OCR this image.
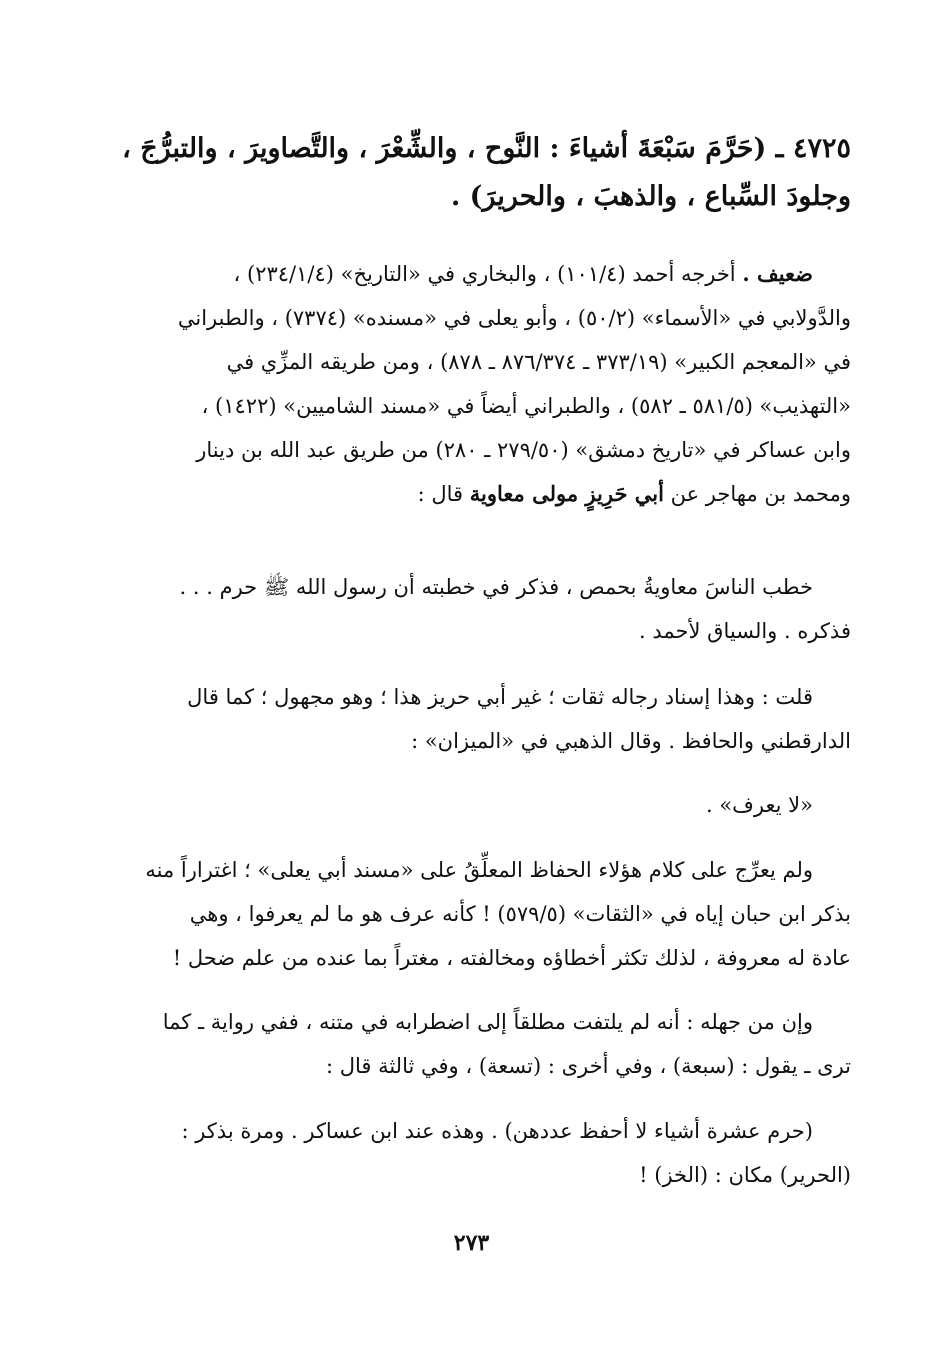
٤٧٢٥ ـ (حَرَّمَ سَبْعَةَ أشياءَ : النَّوح ، والشِّعْرَ ، والتَّصاويرَ ، والتبرُّجَ ،
وجلودَ السِّباع ، والذهبَ ، والحريرَ) .
ضعيف . أخرجه أحمد (١٠١/٤) ، والبخاري في «التاريخ» (٢٣٤/١/٤) ،
والدَّولابي في «الأسماء» (٥٠/٢) ، وأبو يعلى في «مسنده» (٧٣٧٤) ، والطبراني
في «المعجم الكبير» (٣٧٣/١٩ ـ ٨٧٦/٣٧٤ ـ ٨٧٨) ، ومن طريقه المزِّي في
«التهذيب» (٥٨١/٥ ـ ٥٨٢) ، والطبراني أيضاً في «مسند الشاميين» (١٤٢٢) ،
وابن عساكر في «تاريخ دمشق» (٢٧٩/٥٠ ـ ٢٨٠) من طريق عبد الله بن دينار
ومحمد بن مهاجر عن أبي حَرِيزٍ مولى معاوية قال :
خطب الناسَ معاويةُ بحمص ، فذكر في خطبته أن رسول الله ﷺ حرم . . .
فذكره . والسياق لأحمد .
قلت : وهذا إسناد رجاله ثقات ؛ غير أبي حريز هذا ؛ وهو مجهول ؛ كما قال
الدارقطني والحافظ . وقال الذهبي في «الميزان» :
«لا يعرف» .
ولم يعرِّج على كلام هؤلاء الحفاظ المعلِّقُ على «مسند أبي يعلى» ؛ اغتراراً منه
بذكر ابن حبان إياه في «الثقات» (٥٧٩/٥) ! كأنه عرف هو ما لم يعرفوا ، وهي
عادة له معروفة ، لذلك تكثر أخطاؤه ومخالفته ، مغتراً بما عنده من علم ضحل !
وإن من جهله : أنه لم يلتفت مطلقاً إلى اضطرابه في متنه ، ففي رواية ـ كما
ترى ـ يقول : (سبعة) ، وفي أخرى : (تسعة) ، وفي ثالثة قال :
(حرم عشرة أشياء لا أحفظ عددهن) . وهذه عند ابن عساكر . ومرة بذكر :
(الحرير) مكان : (الخز) !
٢٧٣
